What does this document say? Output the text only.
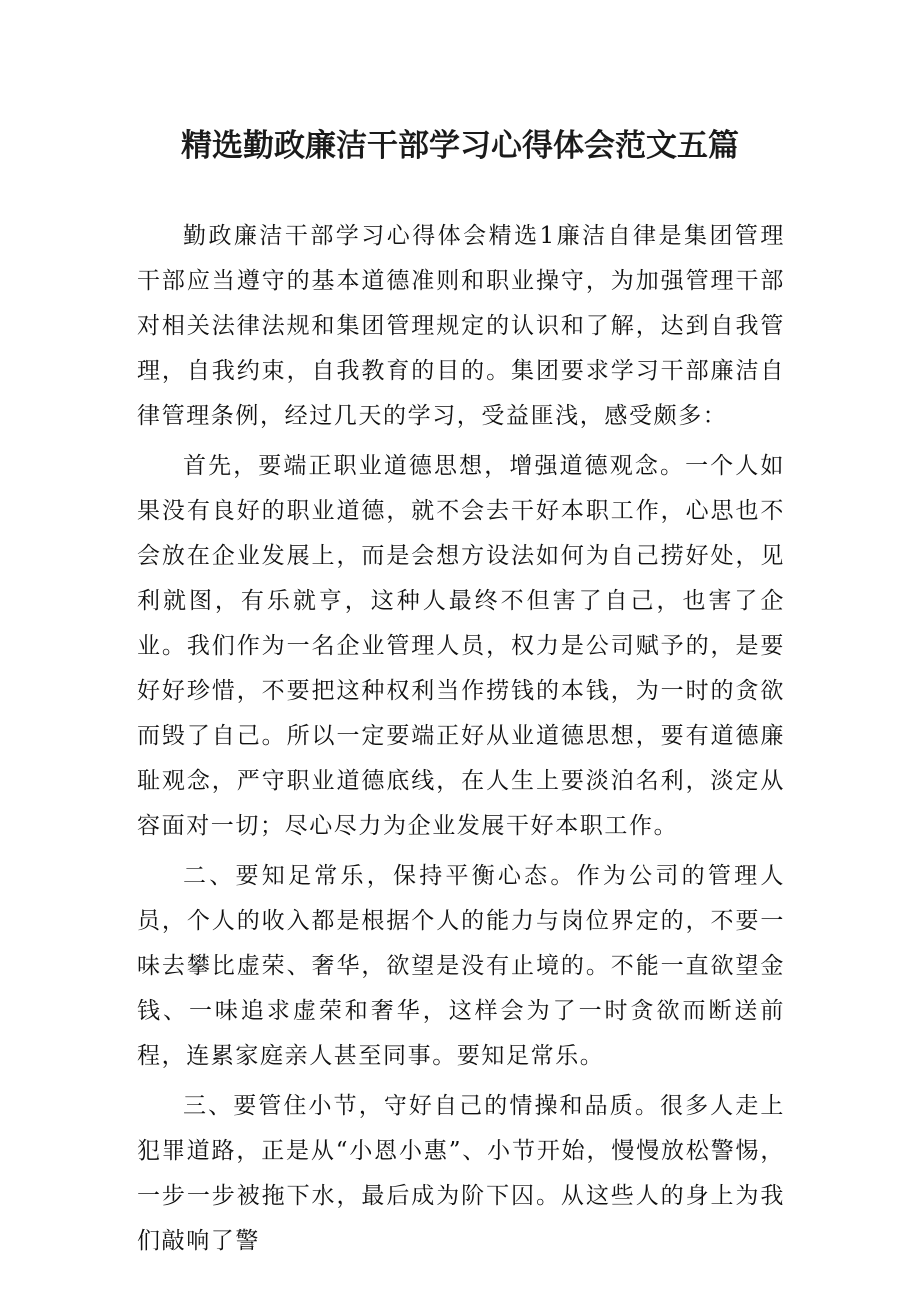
精选勤政廉洁干部学习心得体会范文五篇

勤政廉洁干部学习心得体会精选1廉洁自律是集团管理干部应当遵守的基本道德准则和职业操守，为加强管理干部对相关法律法规和集团管理规定的认识和了解，达到自我管理，自我约束，自我教育的目的。集团要求学习干部廉洁自律管理条例，经过几天的学习，受益匪浅，感受颇多：

首先，要端正职业道德思想，增强道德观念。一个人如果没有良好的职业道德，就不会去干好本职工作，心思也不会放在企业发展上，而是会想方设法如何为自己捞好处，见利就图，有乐就亨，这种人最终不但害了自己，也害了企业。我们作为一名企业管理人员，权力是公司赋予的，是要好好珍惜，不要把这种权利当作捞钱的本钱，为一时的贪欲而毁了自己。所以一定要端正好从业道德思想，要有道德廉耻观念，严守职业道德底线，在人生上要淡泊名利，淡定从容面对一切；尽心尽力为企业发展干好本职工作。

二、要知足常乐，保持平衡心态。作为公司的管理人员，个人的收入都是根据个人的能力与岗位界定的，不要一味去攀比虚荣、奢华，欲望是没有止境的。不能一直欲望金钱、一味追求虚荣和奢华，这样会为了一时贪欲而断送前程，连累家庭亲人甚至同事。要知足常乐。

三、要管住小节，守好自己的情操和品质。很多人走上犯罪道路，正是从“小恩小惠”、小节开始，慢慢放松警惕，一步一步被拖下水，最后成为阶下囚。从这些人的身上为我们敲响了警
